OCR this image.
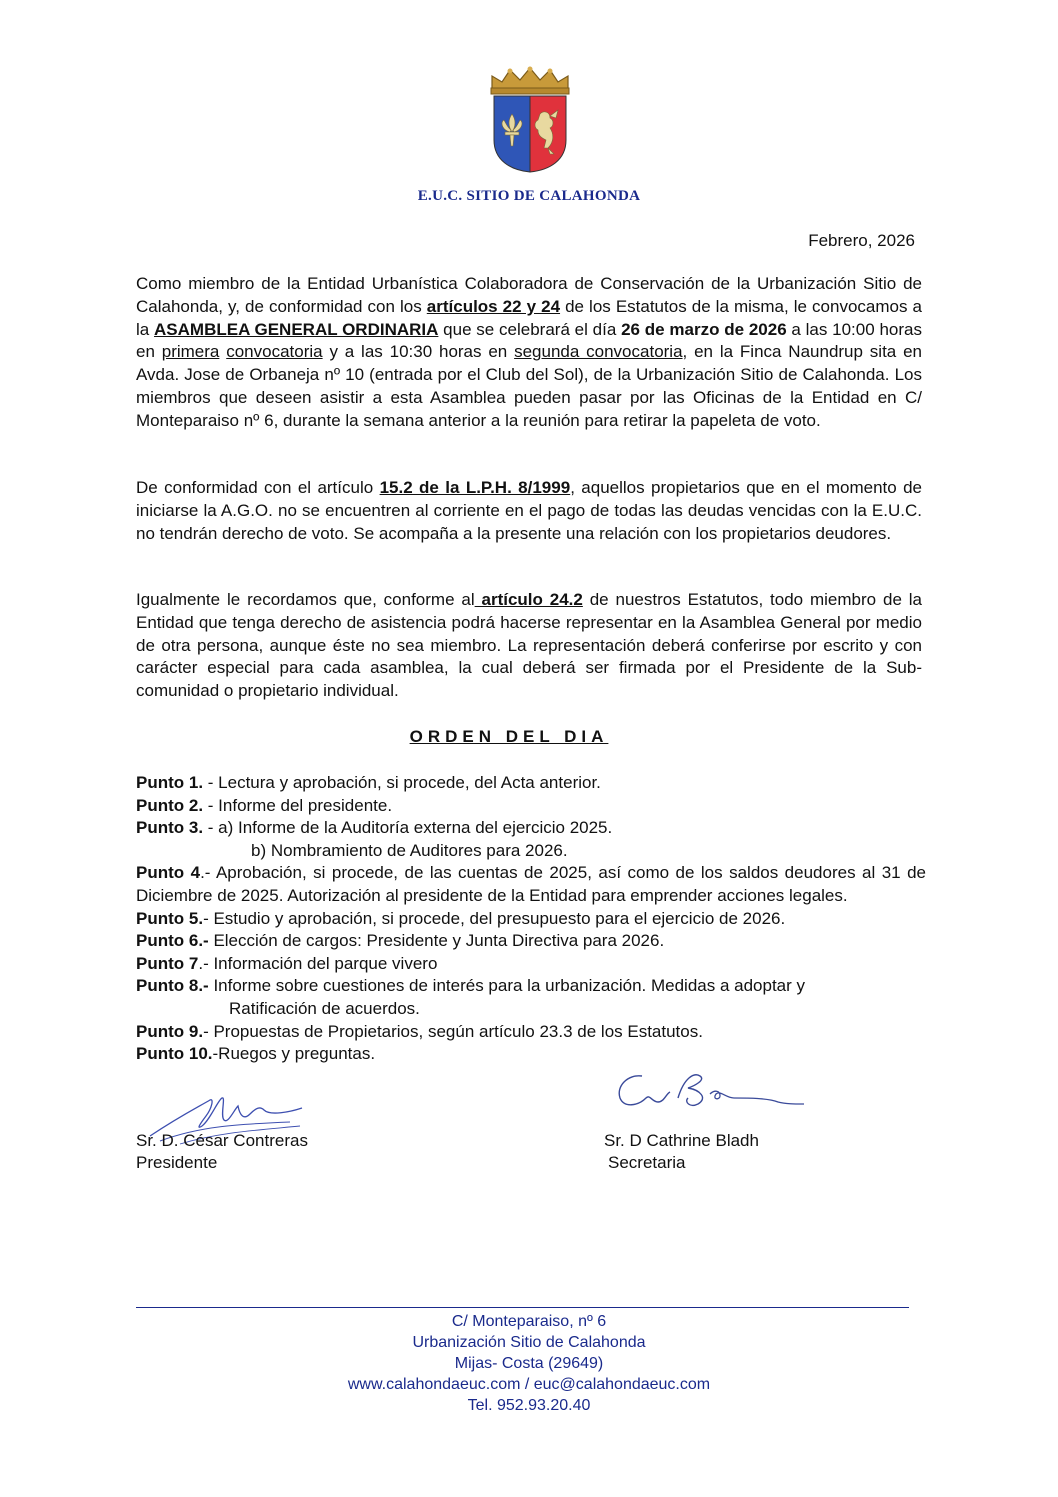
E.U.C. SITIO DE CALAHONDA
Febrero, 2026

Como miembro de la Entidad Urbanística Colaboradora de Conservación de la Urbanización Sitio de Calahonda, y, de conformidad con los artículos 22 y 24 de los Estatutos de la misma, le convocamos a la ASAMBLEA GENERAL ORDINARIA que se celebrará el día 26 de marzo de 2026 a las 10:00 horas en primera convocatoria y a las 10:30 horas en segunda convocatoria, en la Finca Naundrup sita en Avda. Jose de Orbaneja nº 10 (entrada por el Club del Sol), de la Urbanización Sitio de Calahonda. Los miembros que deseen asistir a esta Asamblea pueden pasar por las Oficinas de la Entidad en C/ Monteparaiso nº 6, durante la semana anterior a la reunión para retirar la papeleta de voto.

De conformidad con el artículo 15.2 de la L.P.H. 8/1999, aquellos propietarios que en el momento de iniciarse la A.G.O. no se encuentren al corriente en el pago de todas las deudas vencidas con la E.U.C. no tendrán derecho de voto. Se acompaña a la presente una relación con los propietarios deudores.

Igualmente le recordamos que, conforme al artículo 24.2 de nuestros Estatutos, todo miembro de la Entidad que tenga derecho de asistencia podrá hacerse representar en la Asamblea General por medio de otra persona, aunque éste no sea miembro. La representación deberá conferirse por escrito y con carácter especial para cada asamblea, la cual deberá ser firmada por el Presidente de la Sub-comunidad o propietario individual.

ORDEN DEL DIA
Punto 1. - Lectura y aprobación, si procede, del Acta anterior.
Punto 2. - Informe del presidente.
Punto 3. - a) Informe de la Auditoría externa del ejercicio 2025.
b) Nombramiento de Auditores para 2026.
Punto 4.- Aprobación, si procede, de las cuentas de 2025, así como de los saldos deudores al 31 de Diciembre de 2025. Autorización al presidente de la Entidad para emprender acciones legales.
Punto 5.- Estudio y aprobación, si procede, del presupuesto para el ejercicio de 2026.
Punto 6.- Elección de cargos: Presidente y Junta Directiva para 2026.
Punto 7.- Información del parque vivero
Punto 8.- Informe sobre cuestiones de interés para la urbanización. Medidas a adoptar y
Ratificación de acuerdos.
Punto 9.- Propuestas de Propietarios, según artículo 23.3 de los Estatutos.
Punto 10.-Ruegos y preguntas.
Sr. D. César Contreras
Presidente
Sr. D Cathrine Bladh
Secretaria
C/ Monteparaiso, nº 6
Urbanización Sitio de Calahonda
Mijas- Costa (29649)
www.calahondaeuc.com / euc@calahondaeuc.com
Tel. 952.93.20.40
